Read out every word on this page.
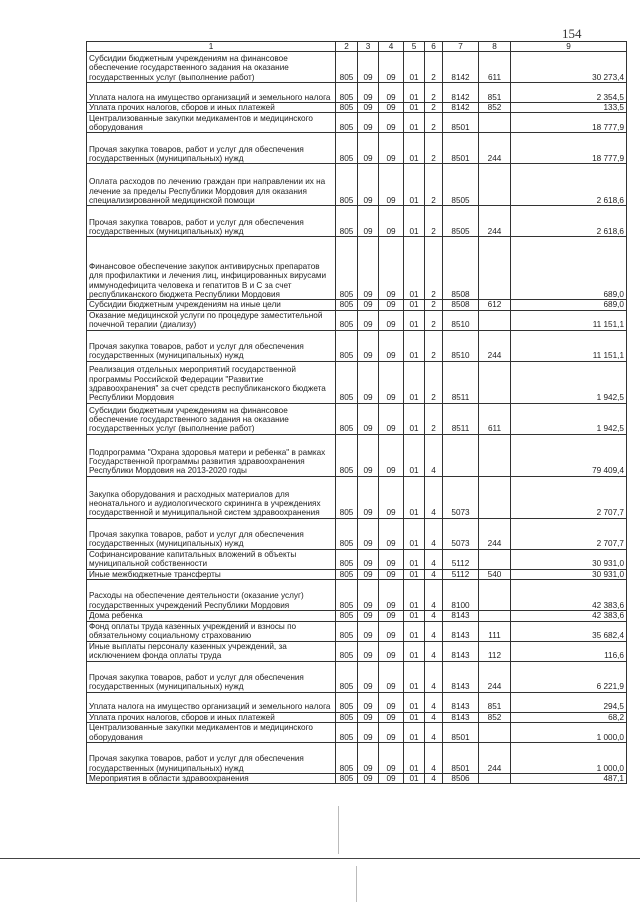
154
1	2	3	4	5	6	7	8	9
Субсидии бюджетным учреждениям на финансовое обеспечение государственного задания на оказание государственных услуг (выполнение работ)	805	09	09	01	2	8142	611	30 273,4
Уплата налога на имущество организаций и земельного налога	805	09	09	01	2	8142	851	2 354,5
Уплата прочих налогов, сборов и иных платежей	805	09	09	01	2	8142	852	133,5
Централизованные закупки медикаментов и медицинского оборудования	805	09	09	01	2	8501		18 777,9
Прочая закупка товаров, работ и услуг для обеспечения государственных (муниципальных) нужд	805	09	09	01	2	8501	244	18 777,9
Оплата расходов по лечению граждан при направлении их на лечение за пределы Республики Мордовия для оказания специализированной медицинской помощи	805	09	09	01	2	8505		2 618,6
Прочая закупка товаров, работ и услуг для обеспечения государственных (муниципальных) нужд	805	09	09	01	2	8505	244	2 618,6
Финансовое обеспечение закупок антивирусных препаратов для профилактики и лечения лиц, инфицированных вирусами иммунодефицита человека и гепатитов В и С за счет республиканского бюджета Республики Мордовия	805	09	09	01	2	8508		689,0
Субсидии бюджетным учреждениям на иные цели	805	09	09	01	2	8508	612	689,0
Оказание медицинской услуги по процедуре заместительной почечной терапии (диализу)	805	09	09	01	2	8510		11 151,1
Прочая закупка товаров, работ и услуг для обеспечения государственных (муниципальных) нужд	805	09	09	01	2	8510	244	11 151,1
Реализация отдельных мероприятий государственной программы Российской Федерации "Развитие здравоохранения" за счет средств республиканского бюджета Республики Мордовия	805	09	09	01	2	8511		1 942,5
Субсидии бюджетным учреждениям на финансовое обеспечение государственного задания на оказание государственных услуг (выполнение работ)	805	09	09	01	2	8511	611	1 942,5
Подпрограмма "Охрана здоровья матери и ребенка" в рамках Государственной программы развития здравоохранения Республики Мордовия на 2013-2020 годы	805	09	09	01	4			79 409,4
Закупка оборудования и расходных материалов для неонатального и аудиологического скрининга в учреждениях государственной и муниципальной систем здравоохранения	805	09	09	01	4	5073		2 707,7
Прочая закупка товаров, работ и услуг для обеспечения государственных (муниципальных) нужд	805	09	09	01	4	5073	244	2 707,7
Софинансирование капитальных вложений в объекты муниципальной собственности	805	09	09	01	4	5112		30 931,0
Иные межбюджетные трансферты	805	09	09	01	4	5112	540	30 931,0
Расходы на обеспечение деятельности (оказание услуг) государственных учреждений Республики Мордовия	805	09	09	01	4	8100		42 383,6
Дома ребенка	805	09	09	01	4	8143		42 383,6
Фонд оплаты труда казенных учреждений и взносы по обязательному социальному страхованию	805	09	09	01	4	8143	111	35 682,4
Иные выплаты персоналу казенных учреждений, за исключением фонда оплаты труда	805	09	09	01	4	8143	112	116,6
Прочая закупка товаров, работ и услуг для обеспечения государственных (муниципальных) нужд	805	09	09	01	4	8143	244	6 221,9
Уплата налога на имущество организаций и земельного налога	805	09	09	01	4	8143	851	294,5
Уплата прочих налогов, сборов и иных платежей	805	09	09	01	4	8143	852	68,2
Централизованные закупки медикаментов и медицинского оборудования	805	09	09	01	4	8501		1 000,0
Прочая закупка товаров, работ и услуг для обеспечения государственных (муниципальных) нужд	805	09	09	01	4	8501	244	1 000,0
Мероприятия в области здравоохранения	805	09	09	01	4	8506		487,1
